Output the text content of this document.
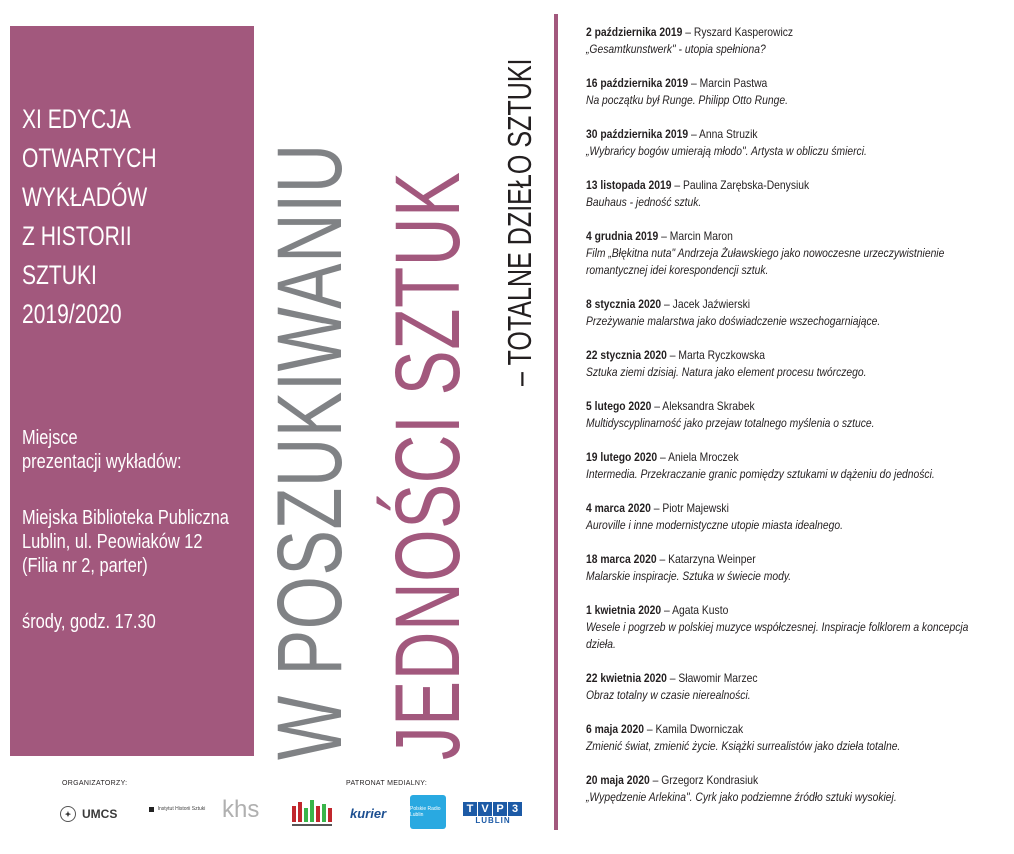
XI EDYCJA
OTWARTYCH
WYKŁADÓW
Z HISTORII
SZTUKI
2019/2020
Miejsce
prezentacji wykładów:
Miejska Biblioteka Publiczna
Lublin, ul. Peowiaków 12
(Filia nr 2, parter)
środy, godz. 17.30 W POSZUKIWANIU JEDNOŚCI SZTUK – TOTALNE DZIEŁO SZTUKI
2 października 2019 – Ryszard Kasperowicz
„Gesamtkunstwerk" - utopia spełniona?
16 października 2019 – Marcin Pastwa
Na początku był Runge. Philipp Otto Runge.
30 października 2019 – Anna Struzik
„Wybrańcy bogów umierają młodo". Artysta w obliczu śmierci.
13 listopada 2019 – Paulina Zarębska-Denysiuk
Bauhaus - jedność sztuk.
4 grudnia 2019 – Marcin Maron
Film „Błękitna nuta" Andrzeja Żuławskiego jako nowoczesne urzeczywistnienie romantycznej idei korespondencji sztuk.
8 stycznia 2020 – Jacek Jaźwierski
Przeżywanie malarstwa jako doświadczenie wszechogarniające.
22 stycznia 2020 – Marta Ryczkowska
Sztuka ziemi dzisiaj. Natura jako element procesu twórczego.
5 lutego 2020 – Aleksandra Skrabek
Multidyscyplinarność jako przejaw totalnego myślenia o sztuce.
19 lutego 2020 – Aniela Mroczek
Intermedia. Przekraczanie granic pomiędzy sztukami w dążeniu do jedności.
4 marca 2020 – Piotr Majewski
Auroville i inne modernistyczne utopie miasta idealnego.
18 marca 2020 – Katarzyna Weinper
Malarskie inspiracje. Sztuka w świecie mody.
1 kwietnia 2020 – Agata Kusto
Wesele i pogrzeb w polskiej muzyce współczesnej. Inspiracje folklorem a koncepcja dzieła.
22 kwietnia 2020 – Sławomir Marzec
Obraz totalny w czasie nierealności.
6 maja 2020 – Kamila Dworniczak
Zmienić świat, zmienić życie. Książki surrealistów jako dzieła totalne.
20 maja 2020 – Grzegorz Kondrasiuk
„Wypędzenie Arlekina". Cyrk jako podziemne źródło sztuki wysokiej.
ORGANIZATORZY:	PATRONAT MEDIALNY:
✦ UMCS	Instytut Historii Sztuki khs	kurier	Polskie Radio Lublin
T V P 3
LUBLIN
